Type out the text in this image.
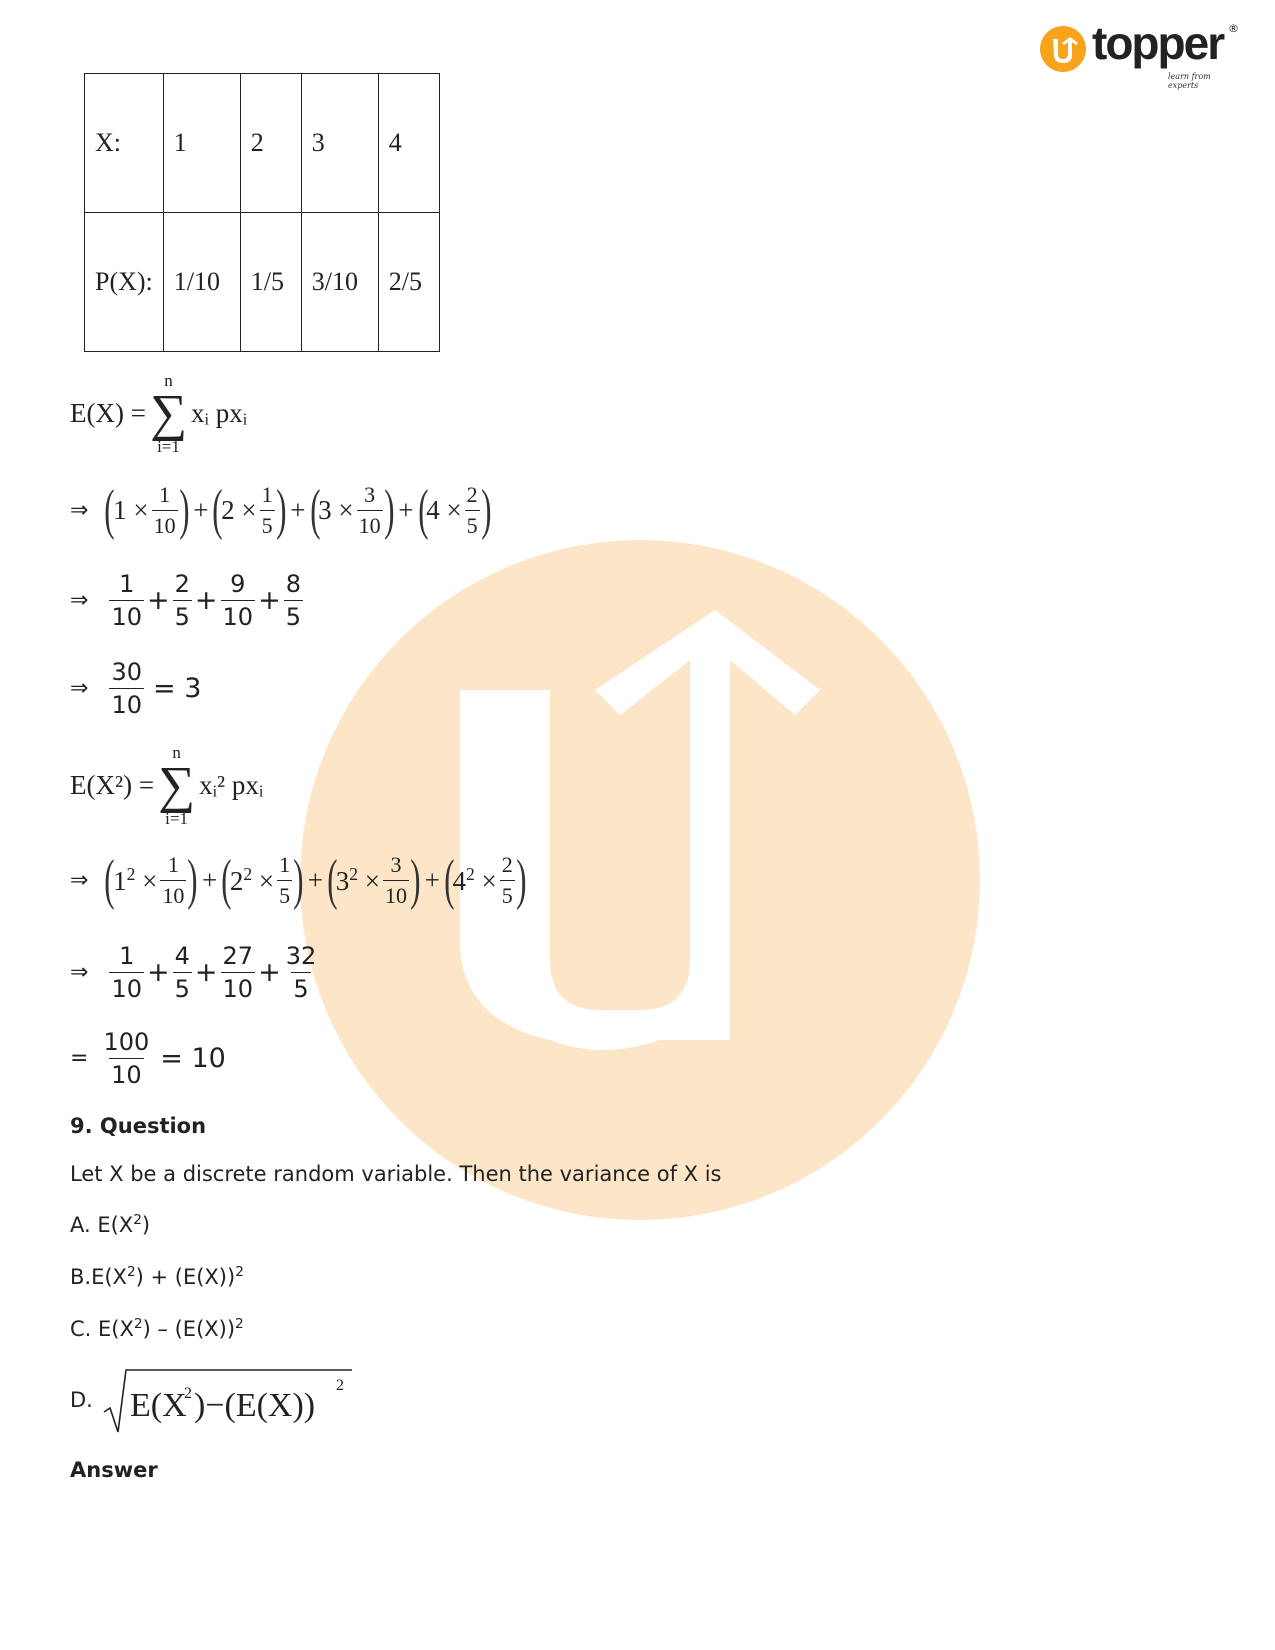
topper ®
learn from experts
X:	1	2	3	4
P(X):	1/10	1/5	3/10	2/5
E(X) =
n
∑
i=1
xᵢ pxᵢ
⇒ (
$1 \times \frac{1}{10}$ ) + (
$2 \times \frac{1}{5}$ ) + (
$3 \times \frac{3}{10}$ ) + (
$4 \times \frac{2}{5}$ )
⇒ $\frac{1}{10} + \frac{2}{5} + \frac{9}{10} + \frac{8}{5}$
⇒ $\frac{30}{10} = 3$
E(X²) =
n
∑
i=1
xᵢ² pxᵢ
⇒ (
$1^2 \times \frac{1}{10}$ ) + (
$2^2 \times \frac{1}{5}$ ) + (
$3^2 \times \frac{3}{10}$ ) + (
$4^2 \times \frac{2}{5}$ )
⇒ $\frac{1}{10} + \frac{4}{5} + \frac{27}{10} + \frac{32}{5}$
= $\frac{100}{10} = 10$
9. Question
Let X be a discrete random variable. Then the variance of X is
A. $E(X^2)$
$B.E(X^2) + (E(X))^2$
C. $E(X^2) - (E(X))^2$
D. E(X
2 )−(E(X))
2
Answer
